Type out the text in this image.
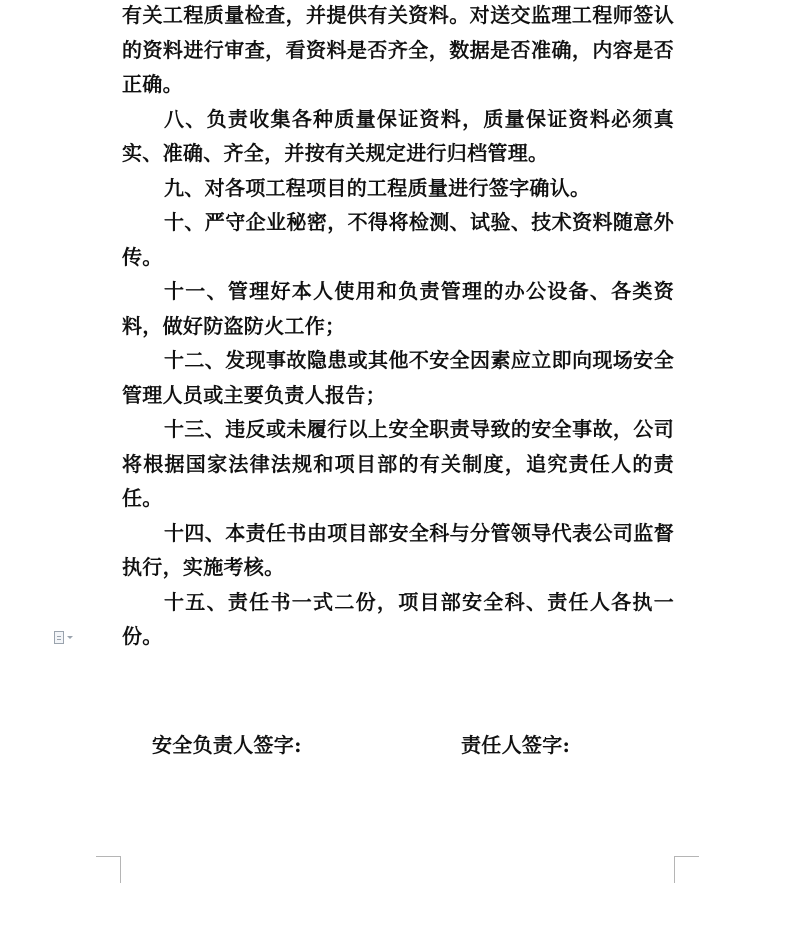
有关工程质量检查，并提供有关资料。对送交监理工程师签认的资料进行审查，看资料是否齐全，数据是否准确，内容是否正确。

八、负责收集各种质量保证资料，质量保证资料必须真实、准确、齐全，并按有关规定进行归档管理。

九、对各项工程项目的工程质量进行签字确认。

十、严守企业秘密，不得将检测、试验、技术资料随意外传。

十一、管理好本人使用和负责管理的办公设备、各类资料，做好防盗防火工作；

十二、发现事故隐患或其他不安全因素应立即向现场安全管理人员或主要负责人报告；

十三、违反或未履行以上安全职责导致的安全事故，公司将根据国家法律法规和项目部的有关制度，追究责任人的责任。

十四、本责任书由项目部安全科与分管领导代表公司监督执行，实施考核。

十五、责任书一式二份，项目部安全科、责任人各执一份。

安全负责人签字:	责任人签字:
